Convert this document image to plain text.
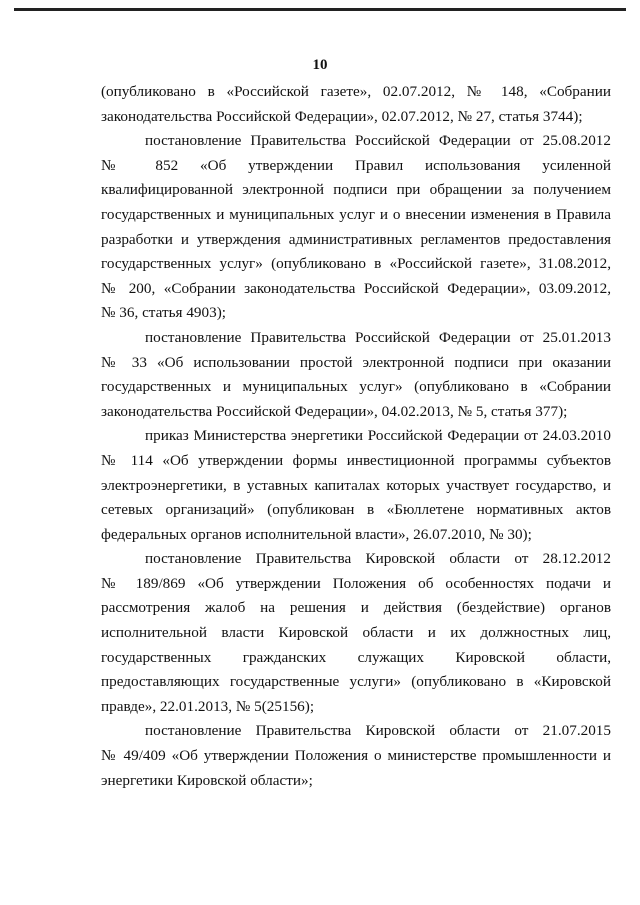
10
(опубликовано в «Российской газете», 02.07.2012, № 148, «Собрании
законодательства Российской Федерации», 02.07.2012, № 27, статья 3744);
постановление Правительства Российской Федерации от 25.08.2012
№ 852 «Об утверждении Правил использования усиленной
квалифицированной электронной подписи при обращении за получением
государственных и муниципальных услуг и о внесении изменения в Правила
разработки и утверждения административных регламентов предоставления
государственных услуг» (опубликовано в «Российской газете», 31.08.2012,
№ 200, «Собрании законодательства Российской Федерации», 03.09.2012,
№ 36, статья 4903);
постановление Правительства Российской Федерации от 25.01.2013
№ 33 «Об использовании простой электронной подписи при оказании
государственных и муниципальных услуг» (опубликовано в «Собрании
законодательства Российской Федерации», 04.02.2013, № 5, статья 377);
приказ Министерства энергетики Российской Федерации от 24.03.2010
№ 114 «Об утверждении формы инвестиционной программы субъектов
электроэнергетики, в уставных капиталах которых участвует государство, и
сетевых организаций» (опубликован в «Бюллетене нормативных актов
федеральных органов исполнительной власти», 26.07.2010, № 30);
постановление Правительства Кировской области от 28.12.2012
№ 189/869 «Об утверждении Положения об особенностях подачи и
рассмотрения жалоб на решения и действия (бездействие) органов
исполнительной власти Кировской области и их должностных лиц,
государственных гражданских служащих Кировской области,
предоставляющих государственные услуги» (опубликовано в «Кировской
правде», 22.01.2013, № 5(25156);
постановление Правительства Кировской области от 21.07.2015
№ 49/409 «Об утверждении Положения о министерстве промышленности и
энергетики Кировской области»;
